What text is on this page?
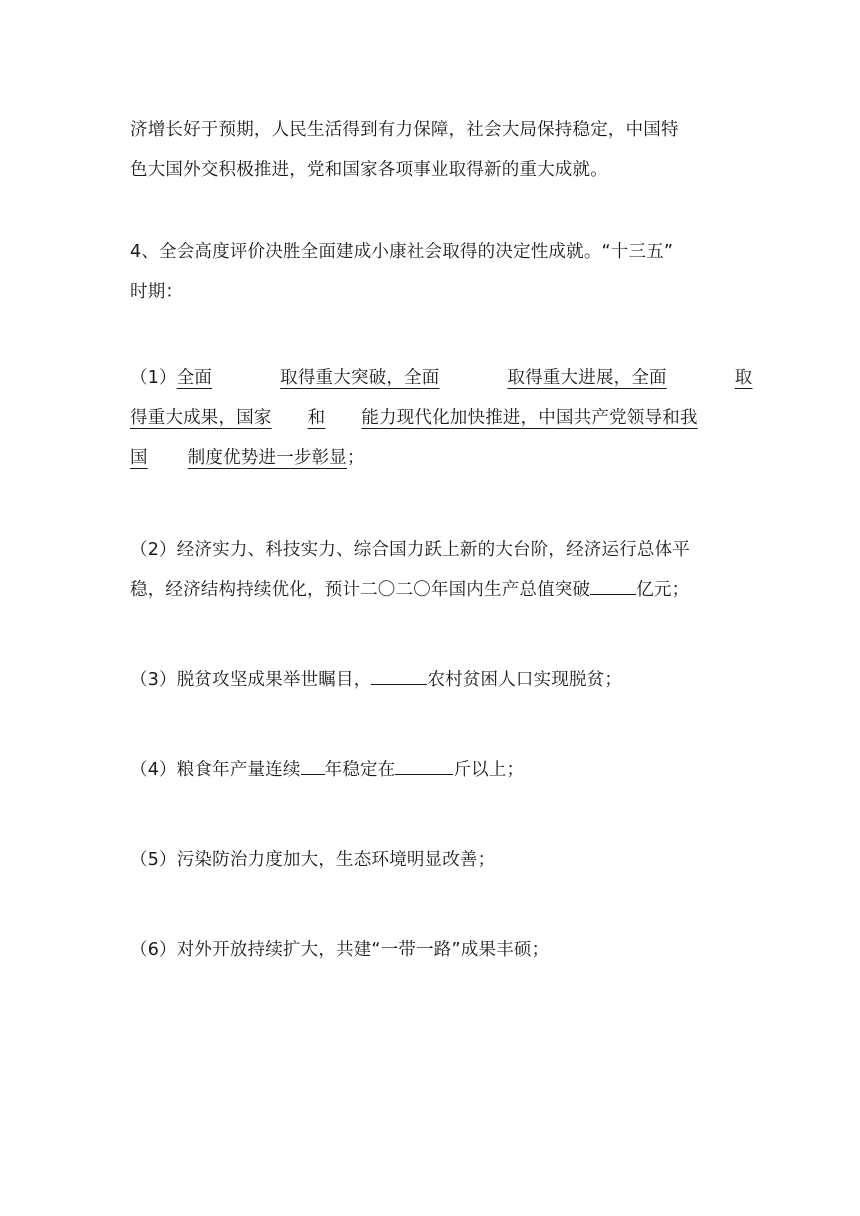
济增长好于预期，人民生活得到有力保障，社会大局保持稳定，中国特
色大国外交积极推进，党和国家各项事业取得新的重大成就。
4、全会高度评价决胜全面建成小康社会取得的决定性成就。“十三五”
时期：
（1）全面	取得重大突破，全面	取得重大进展，全面	取
得重大成果，国家 和 能力现代化加快推进，中国共产党领导和我
国 制度优势进一步彰显；
（2）经济实力、科技实力、综合国力跃上新的大台阶，经济运行总体平
稳，经济结构持续优化，预计二〇二〇年国内生产总值突破	亿元；
（3）脱贫攻坚成果举世瞩目，	农村贫困人口实现脱贫；
（4）粮食年产量连续 年稳定在	斤以上；
（5）污染防治力度加大，生态环境明显改善；
（6）对外开放持续扩大，共建“一带一路”成果丰硕；
